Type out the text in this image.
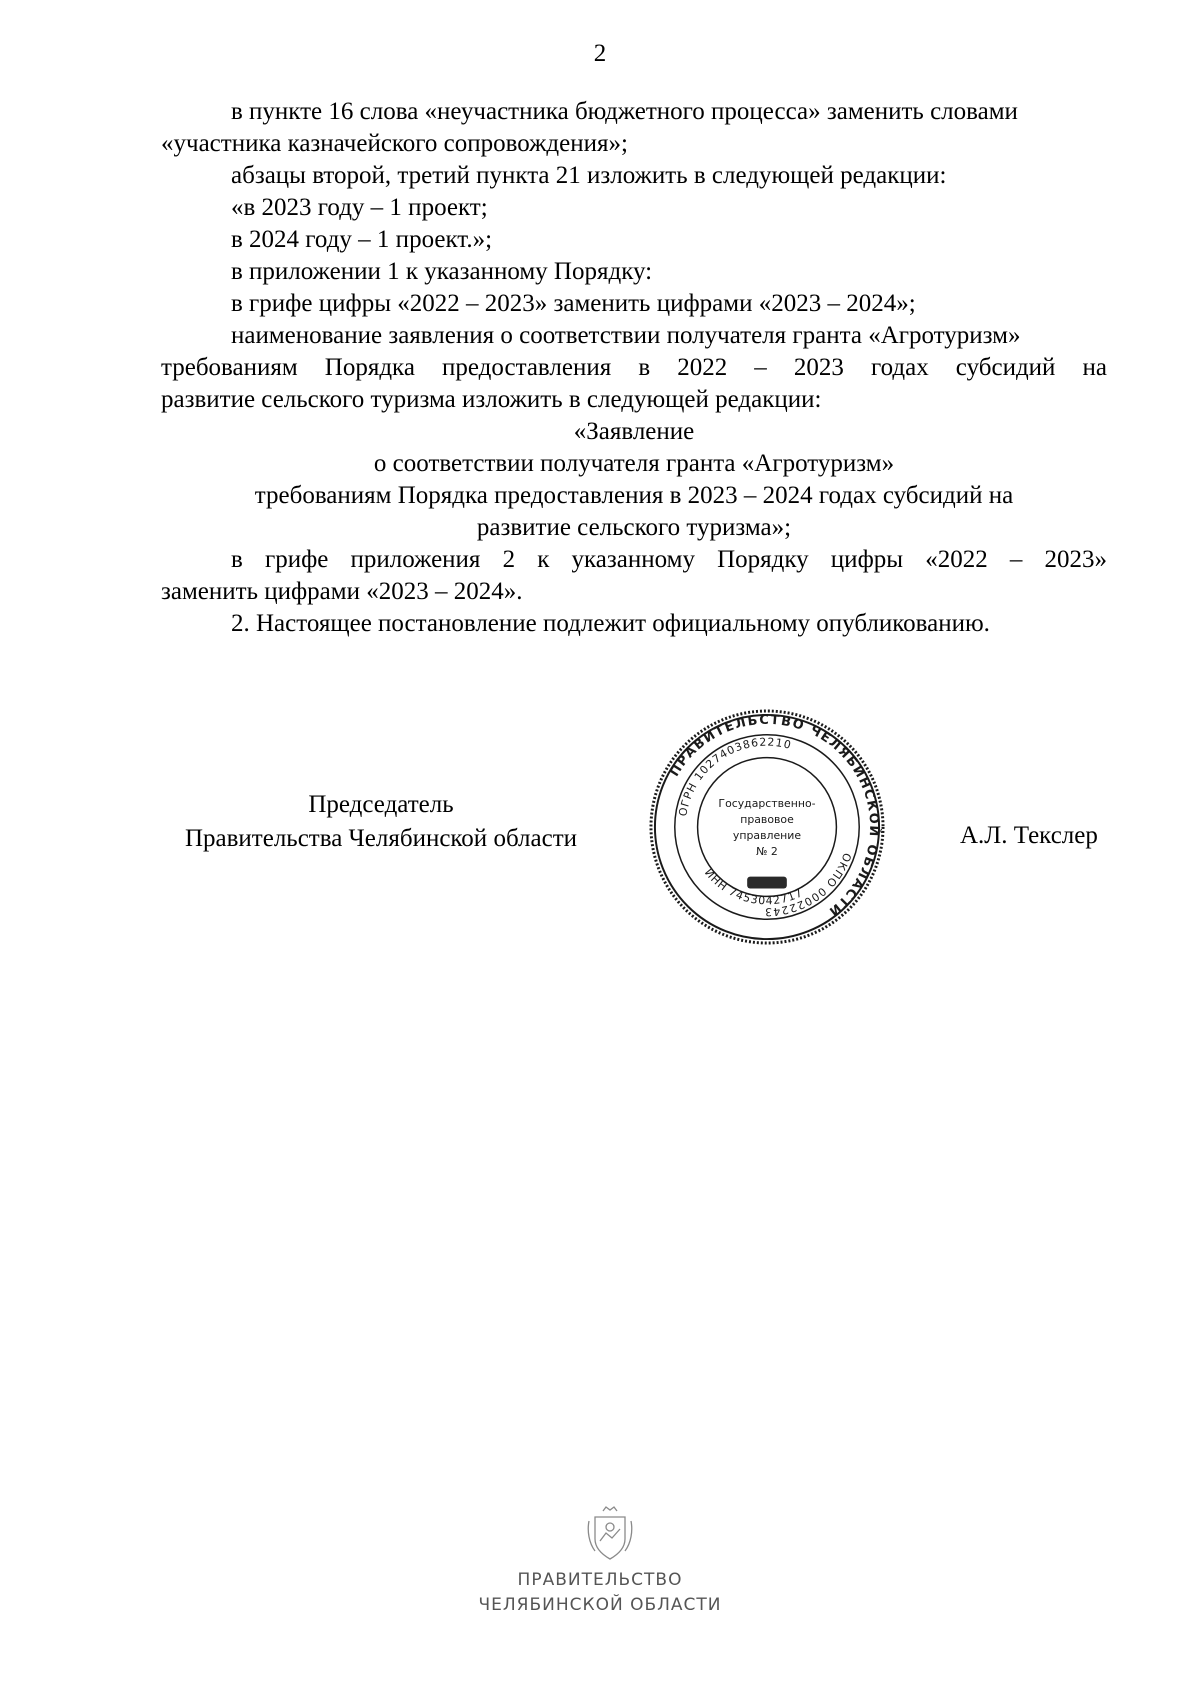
2
в пункте 16 слова «неучастника бюджетного процесса» заменить словами
«участника казначейского сопровождения»;
абзацы второй, третий пункта 21 изложить в следующей редакции:
«в 2023 году – 1 проект;
в 2024 году – 1 проект.»;
в приложении 1 к указанному Порядку:
в грифе цифры «2022 – 2023» заменить цифрами «2023 – 2024»;
наименование заявления о соответствии получателя гранта «Агротуризм»
требованиям Порядка предоставления в 2022 – 2023 годах субсидий на
развитие сельского туризма изложить в следующей редакции:
«Заявление
о соответствии получателя гранта «Агротуризм»
требованиям Порядка предоставления в 2023 – 2024 годах субсидий на
развитие сельского туризма»;
в грифе приложения 2 к указанному Порядку цифры «2022 – 2023»
заменить цифрами «2023 – 2024».
2. Настоящее постановление подлежит официальному опубликованию.
Председатель
Правительства Челябинской области
ПРАВИТЕЛЬСТВО ЧЕЛЯБИНСКОЙ ОБЛАСТИ
ОГРН 1027403862210
ОКПО 00022243
ИНН 7453042717
Государственно-
правовое
управление
№ 2
А.Л. Текслер
ПРАВИТЕЛЬСТВО
ЧЕЛЯБИНСКОЙ ОБЛАСТИ
